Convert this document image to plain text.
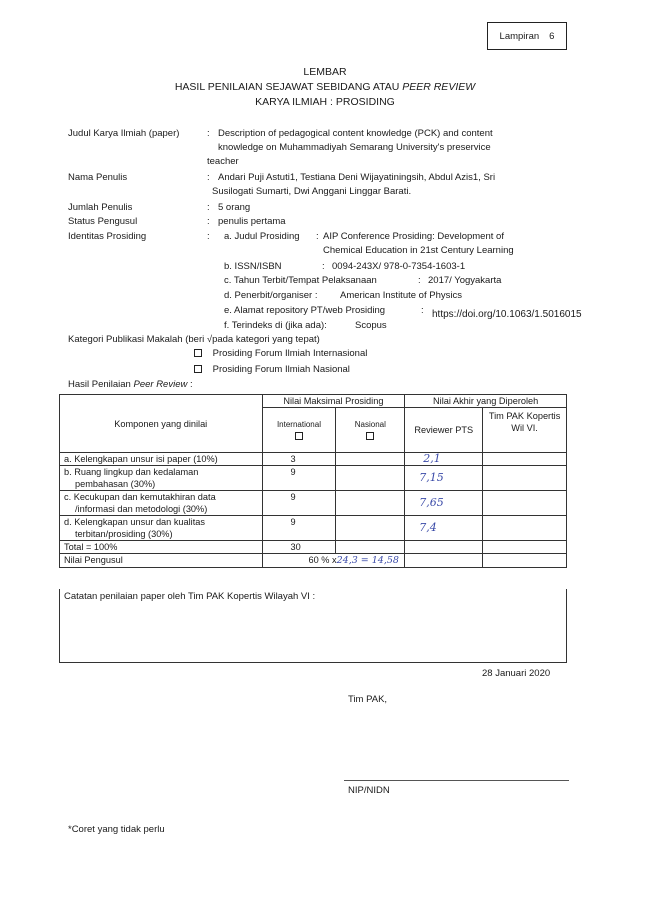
Lampiran 6
LEMBAR
HASIL PENILAIAN SEJAWAT SEBIDANG ATAU PEER REVIEW
KARYA ILMIAH : PROSIDING
Judul Karya Ilmiah (paper)	: Description of pedagogical content knowledge (PCK) and content
knowledge on Muhammadiyah Semarang University's preservice
teacher
Nama Penulis	: Andari Puji Astuti1, Testiana Deni Wijayatiningsih, Abdul Azis1, Sri
Susilogati Sumarti, Dwi Anggani Linggar Barati.
Jumlah Penulis	: 5 orang
Status Pengusul	: penulis pertama
Identitas Prosiding	: a. Judul Prosiding : AIP Conference Prosiding: Development of
Chemical Education in 21st Century Learning
b. ISSN/ISBN	: 0094-243X/ 978-0-7354-1603-1
c. Tahun Terbit/Tempat Pelaksanaan	: 2017/ Yogyakarta
d. Penerbit/organiser : American Institute of Physics
e. Alamat repository PT/web Prosiding	: https://doi.org/10.1063/1.5016015
f. Terindeks di (jika ada):	Scopus
Kategori Publikasi Makalah (beri √pada kategori yang tepat)
Prosiding Forum Ilmiah Internasional
Prosiding Forum Ilmiah Nasional
Hasil Penilaian Peer Review :
Komponen yang dinilai	Nilai Maksimal Prosiding		Nilai Akhir yang Diperoleh	

	International	Nasional	Reviewer PTS	Tim PAK Kopertis Wil VI.
a. Kelengkapan unsur isi paper (10%)	3		2,1	

b. Ruang lingkup dan kedalaman
pembahasan (30%)	9		7,15	

c. Kecukupan dan kemutakhiran data
/informasi dan metodologi (30%)	9		7,65	

d. Kelengkapan unsur dan kualitas
terbitan/prosiding (30%)	9		7,4	
Total = 100%	30			
Nilai Pengusul	60 % x24,3 = 14,58			
Catatan penilaian paper oleh Tim PAK Kopertis Wilayah VI :
28 Januari 2020
Tim PAK,
NIP/NIDN
*Coret yang tidak perlu
